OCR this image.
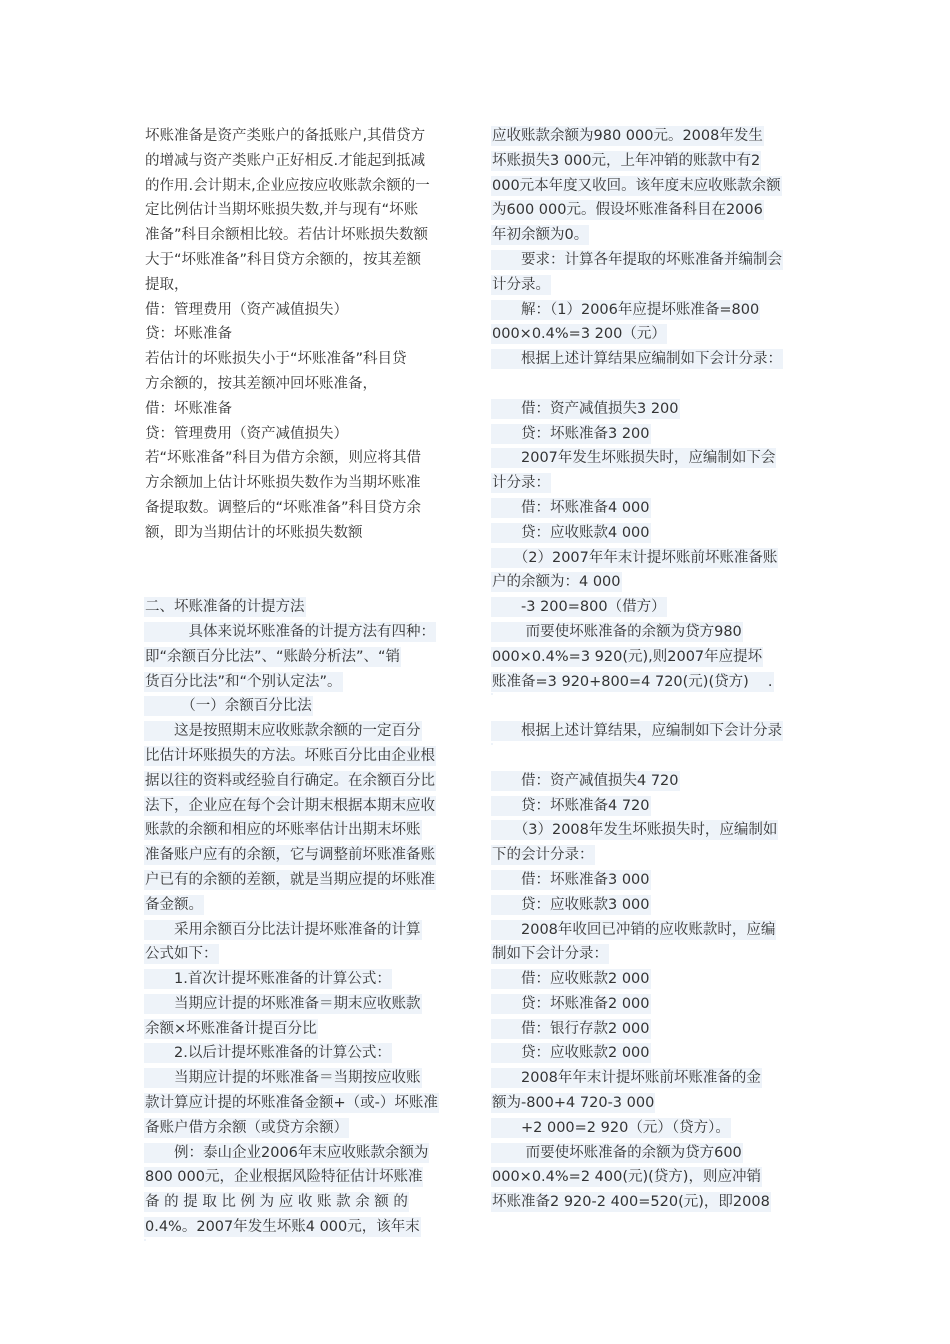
坏账准备是资产类账户的备抵账户,其借贷方
的增减与资产类账户正好相反.才能起到抵减
的作用.会计期末,企业应按应收账款余额的一
定比例估计当期坏账损失数,并与现有“坏账
准备”科目余额相比较。若估计坏账损失数额
大于“坏账准备”科目贷方余额的，按其差额
提取，
借：管理费用（资产减值损失）
贷：坏账准备
若估计的坏账损失小于“坏账准备”科目贷
方余额的，按其差额冲回坏账准备，
借：坏账准备
贷：管理费用（资产减值损失）
若“坏账准备”科目为借方余额，则应将其借
方余额加上估计坏账损失数作为当期坏账准
备提取数。调整后的“坏账准备”科目贷方余
额，即为当期估计的坏账损失数额
二、坏账准备的计提方法
　　　具体来说坏账准备的计提方法有四种：
即“余额百分比法”、“账龄分析法”、“销
货百分比法”和“个别认定法”。
　　　（一）余额百分比法
　　这是按照期末应收账款余额的一定百分
比估计坏账损失的方法。坏账百分比由企业根
据以往的资料或经验自行确定。在余额百分比
法下，企业应在每个会计期末根据本期末应收
账款的余额和相应的坏账率估计出期末坏账
准备账户应有的余额，它与调整前坏账准备账
户已有的余额的差额，就是当期应提的坏账准
备金额。
　　采用余额百分比法计提坏账准备的计算
公式如下：
　　1.首次计提坏账准备的计算公式：
　　当期应计提的坏账准备＝期末应收账款
余额×坏账准备计提百分比
　　2.以后计提坏账准备的计算公式：
　　当期应计提的坏账准备＝当期按应收账
款计算应计提的坏账准备金额+（或-）坏账准
备账户借方余额（或贷方余额）
　　例：泰山企业2006年末应收账款余额为
800 000元，企业根据风险特征估计坏账准
备 的 提 取 比 例 为 应 收 账 款 余 额 的
0.4%。2007年发生坏账4 000元，该年末
应收账款余额为980 000元。2008年发生
坏账损失3 000元，上年冲销的账款中有2
000元本年度又收回。该年度末应收账款余额
为600 000元。假设坏账准备科目在2006
年初余额为0。
　　要求：计算各年提取的坏账准备并编制会
计分录。
　　解：（1）2006年应提坏账准备=800
000×0.4%=3 200（元）
　　根据上述计算结果应编制如下会计分录：
　　借：资产减值损失3 200
　　贷：坏账准备3 200
　　2007年发生坏账损失时，应编制如下会
计分录：
　　借：坏账准备4 000
　　贷：应收账款4 000
　　（2）2007年年末计提坏账前坏账准备账
户的余额为：4 000
　　-3 200=800（借方）
　　 而要使坏账准备的余额为贷方980
000×0.4%=3 920(元),则2007年应提坏
账准备=3 920+800=4 720(元)(贷方)　 .
　　根据上述计算结果，应编制如下会计分录
　　借：资产减值损失4 720
　　贷：坏账准备4 720
　　（3）2008年发生坏账损失时，应编制如
下的会计分录：
　　借：坏账准备3 000
　　贷：应收账款3 000
　　2008年收回已冲销的应收账款时，应编
制如下会计分录：
　　借：应收账款2 000
　　贷：坏账准备2 000
　　借：银行存款2 000
　　贷：应收账款2 000
　　2008年年末计提坏账前坏账准备的金
额为-800+4 720-3 000
　　+2 000=2 920（元）（贷方）。
　　 而要使坏账准备的余额为贷方600
000×0.4%=2 400(元)(贷方)，则应冲销
坏账准备2 920-2 400=520(元)，即2008
